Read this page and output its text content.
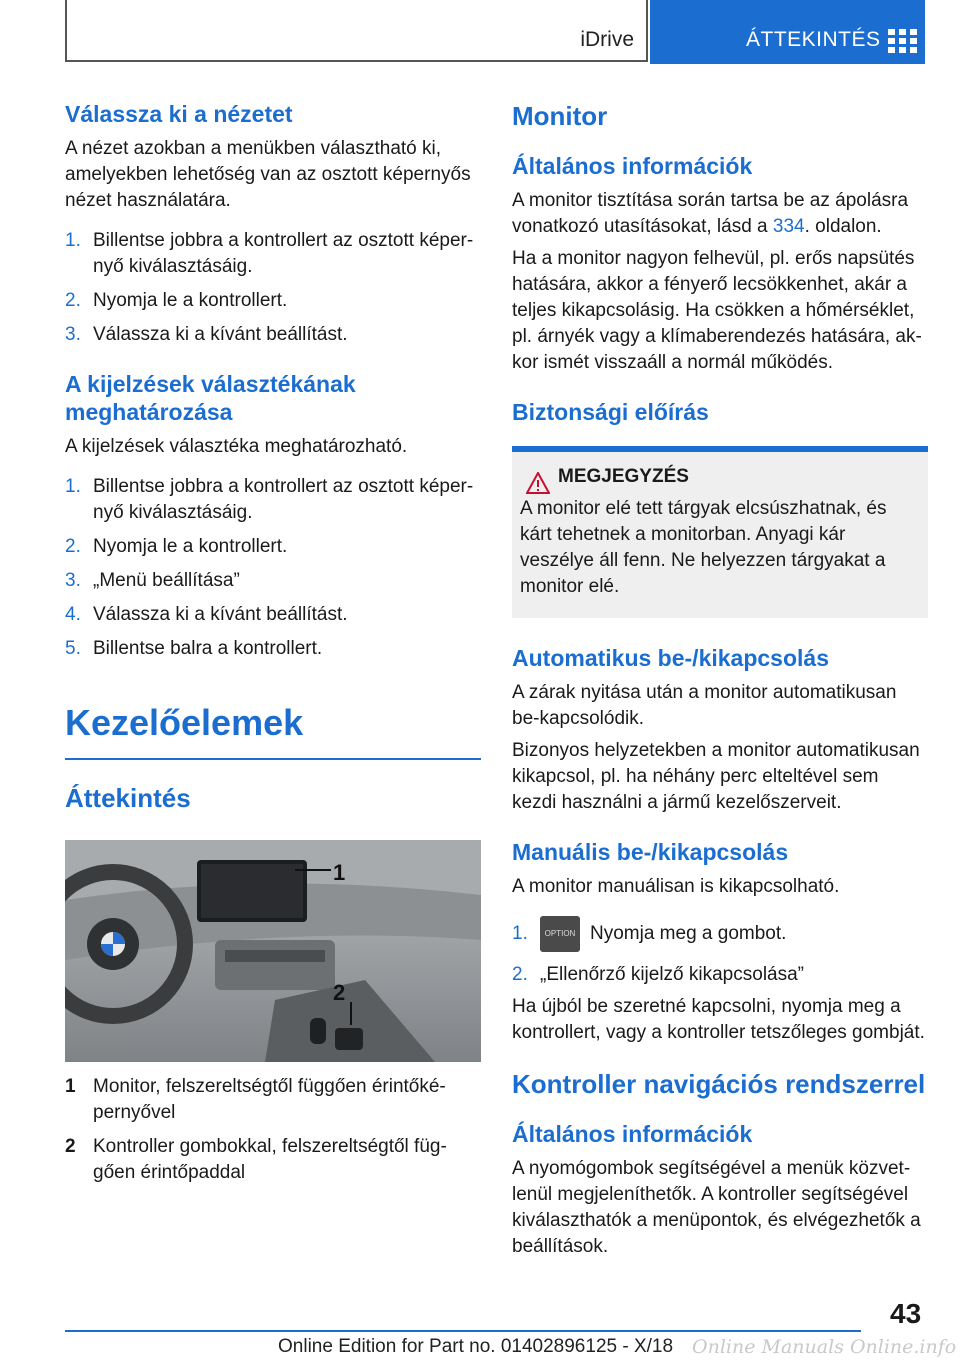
iDrive	ÁTTEKINTÉS
Válassza ki a nézetet

A nézet azokban a menükben választható ki, amelyekben lehetőség van az osztott képernyős nézet használatára.

1. Billentse jobbra a kontrollert az osztott képer-nyő kiválasztásáig.
2. Nyomja le a kontrollert.
3. Válassza ki a kívánt beállítást.
A kijelzések választékának meghatározása

A kijelzések választéka meghatározható.

1. Billentse jobbra a kontrollert az osztott képer-nyő kiválasztásáig.
2. Nyomja le a kontrollert.
3. „Menü beállítása”
4. Válassza ki a kívánt beállítást.
5. Billentse balra a kontrollert.
Kezelőelemek
Áttekintés
1
2
1 Monitor, felszereltségtől függően érintőké-pernyővel
2 Kontroller gombokkal, felszereltségtől füg-gően érintőpaddal
Monitor
Általános információk

A monitor tisztítása során tartsa be az ápolásra vonatkozó utasításokat, lásd a 334. oldalon.

Ha a monitor nagyon felhevül, pl. erős napsütés hatására, akkor a fényerő lecsökkenhet, akár a teljes kikapcsolásig. Ha csökken a hőmérséklet, pl. árnyék vagy a klímaberendezés hatására, ak-kor ismét visszaáll a normál működés.

Biztonsági előírás
MEGJEGYZÉS

A monitor elé tett tárgyak elcsúszhatnak, és kárt tehetnek a monitorban. Anyagi kár veszélye áll fenn. Ne helyezzen tárgyakat a monitor elé.

Automatikus be-/kikapcsolás

A zárak nyitása után a monitor automatikusan be-kapcsolódik.

Bizonyos helyzetekben a monitor automatikusan kikapcsol, pl. ha néhány perc elteltével sem kezdi használni a jármű kezelőszerveit.

Manuális be-/kikapcsolás

A monitor manuálisan is kikapcsolható.

1. OPTION Nyomja meg a gombot.
2. „Ellenőrző kijelző kikapcsolása”

Ha újból be szeretné kapcsolni, nyomja meg a kontrollert, vagy a kontroller tetszőleges gombját.

Kontroller navigációs rendszerrel
Általános információk

A nyomógombok segítségével a menük közvet-lenül megjeleníthetők. A kontroller segítségével kiválaszthatók a menüpontok, és elvégezhetők a beállítások.

43
Online Edition for Part no. 01402896125 - X/18 Online Manuals Online.info
